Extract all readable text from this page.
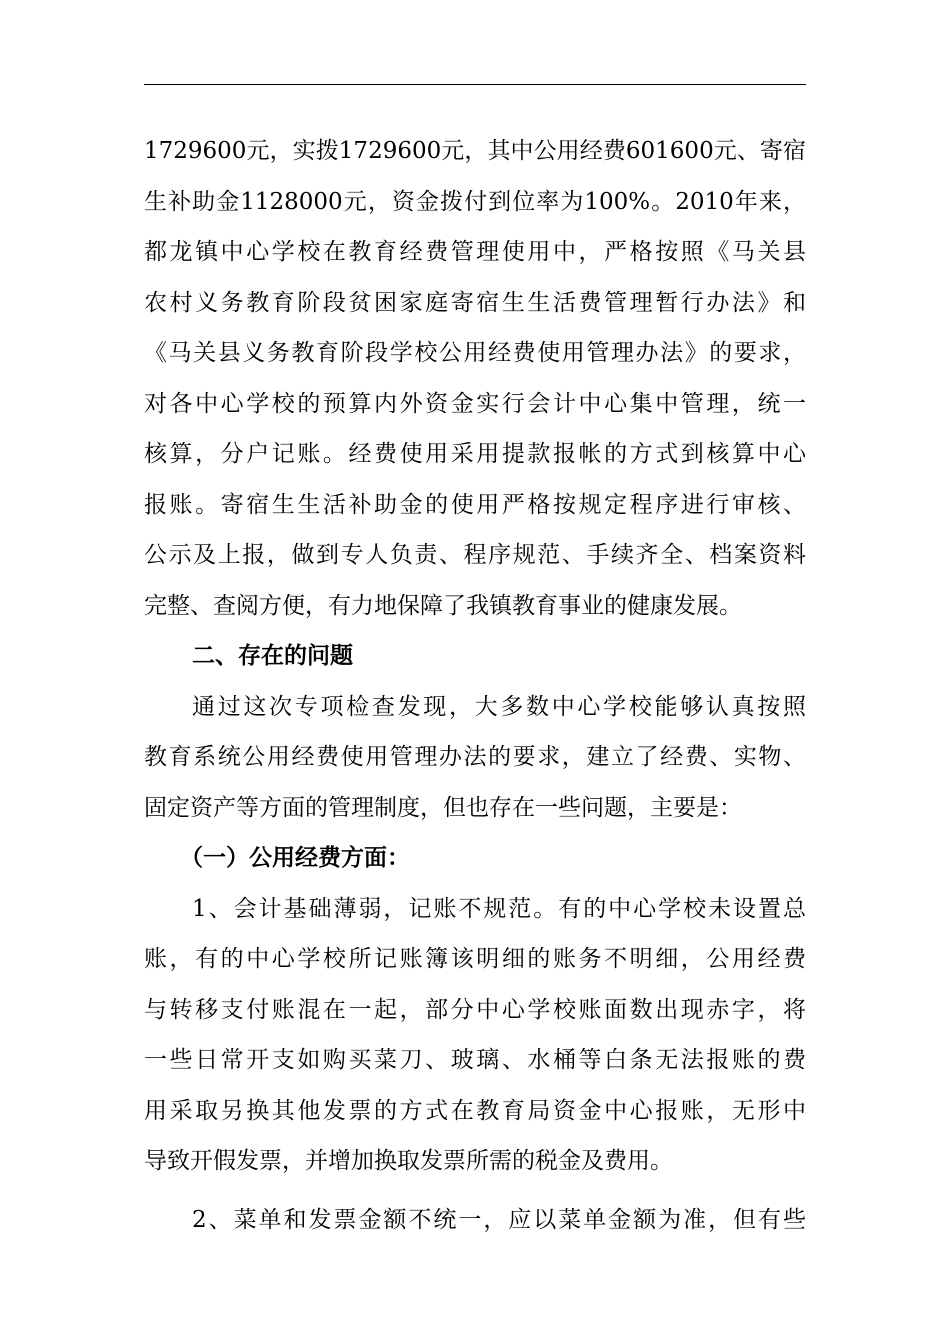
1729600元，实拨1729600元，其中公用经费601600元、寄宿
生补助金1128000元，资金拨付到位率为100%。2010年来，
都龙镇中心学校在教育经费管理使用中，严格按照《马关县
农村义务教育阶段贫困家庭寄宿生生活费管理暂行办法》和
《马关县义务教育阶段学校公用经费使用管理办法》的要求，
对各中心学校的预算内外资金实行会计中心集中管理，统一
核算，分户记账。经费使用采用提款报帐的方式到核算中心
报账。寄宿生生活补助金的使用严格按规定程序进行审核、
公示及上报，做到专人负责、程序规范、手续齐全、档案资料
完整、查阅方便，有力地保障了我镇教育事业的健康发展。
二、存在的问题
通过这次专项检查发现，大多数中心学校能够认真按照
教育系统公用经费使用管理办法的要求，建立了经费、实物、
固定资产等方面的管理制度，但也存在一些问题，主要是：
（一）公用经费方面：
1、会计基础薄弱，记账不规范。有的中心学校未设置总
账，有的中心学校所记账簿该明细的账务不明细，公用经费
与转移支付账混在一起，部分中心学校账面数出现赤字，将
一些日常开支如购买菜刀、玻璃、水桶等白条无法报账的费
用采取另换其他发票的方式在教育局资金中心报账，无形中
导致开假发票，并增加换取发票所需的税金及费用。
2、菜单和发票金额不统一，应以菜单金额为准，但有些
